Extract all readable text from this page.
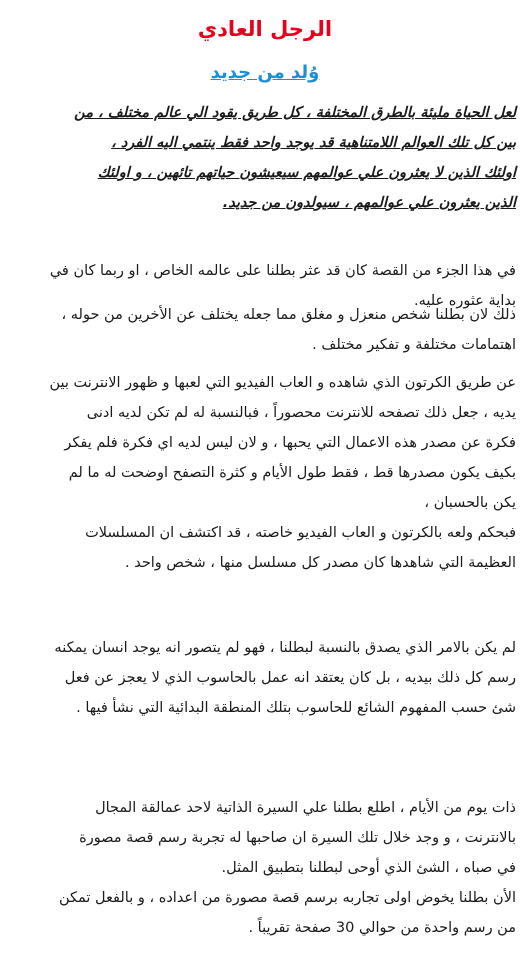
الرجل العادي
وُلد من جديد

لعل الحياة مليئة بالطرق المختلفة ، كل طريق يقود الي عالم مختلف ، من
بين كل تلك العوالم اللامتناهية قد يوجد واحد فقط ينتمي اليه الفرد ،
اولئك الذين لا يعثرون علي عوالمهم سيعيشون حياتهم تائهين ، و اولئك
الذين يعثرون علي عوالمهم ، سيولدون من جديد.

في هذا الجزء من القصة كان قد عثر بطلنا على عالمه الخاص ، او ربما كان في
بداية عثوره عليه.

ذلك لان بطلنا شخص منعزل و مغلق مما جعله يختلف عن الأخرين من حوله ،
اهتمامات مختلفة و تفكير مختلف .

عن طريق الكرتون الذي شاهده و العاب الفيديو التي لعبها و ظهور الانترنت بين
يديه ، جعل ذلك تصفحه للانترنت محصوراً ، فبالنسبة له لم تكن لديه ادنى
فكرة عن مصدر هذه الاعمال التي يحبها ، و لان ليس لديه اي فكرة فلم يفكر
بكيف يكون مصدرها قط ، فقط طول الأيام و كثرة التصفح اوضحت له ما لم
يكن بالحسبان ،
فبحكم ولعه بالكرتون و العاب الفيديو خاصته ، قد اكتشف ان المسلسلات
العظيمة التي شاهدها كان مصدر كل مسلسل منها ، شخص واحد .

لم يكن بالامر الذي يصدق بالنسبة لبطلنا ، فهو لم يتصور انه يوجد انسان يمكنه
رسم كل ذلك بيديه ، بل كان يعتقد انه عمل بالحاسوب الذي لا يعجز عن فعل
شئ حسب المفهوم الشائع للحاسوب بتلك المنطقة البدائية التي نشأ فيها .

ذات يوم من الأيام ، اطلع بطلنا علي السيرة الذاتية لاحد عمالقة المجال
بالانترنت ، و وجد خلال تلك السيرة ان صاحبها له تجربة رسم قصة مصورة
في صباه ، الشئ الذي أوحى لبطلنا بتطبيق المثل.
الأن بطلنا يخوض اولى تجاربه برسم قصة مصورة من اعداده ، و بالفعل تمكن
من رسم واحدة من حوالي 30 صفحة تقريباً .
